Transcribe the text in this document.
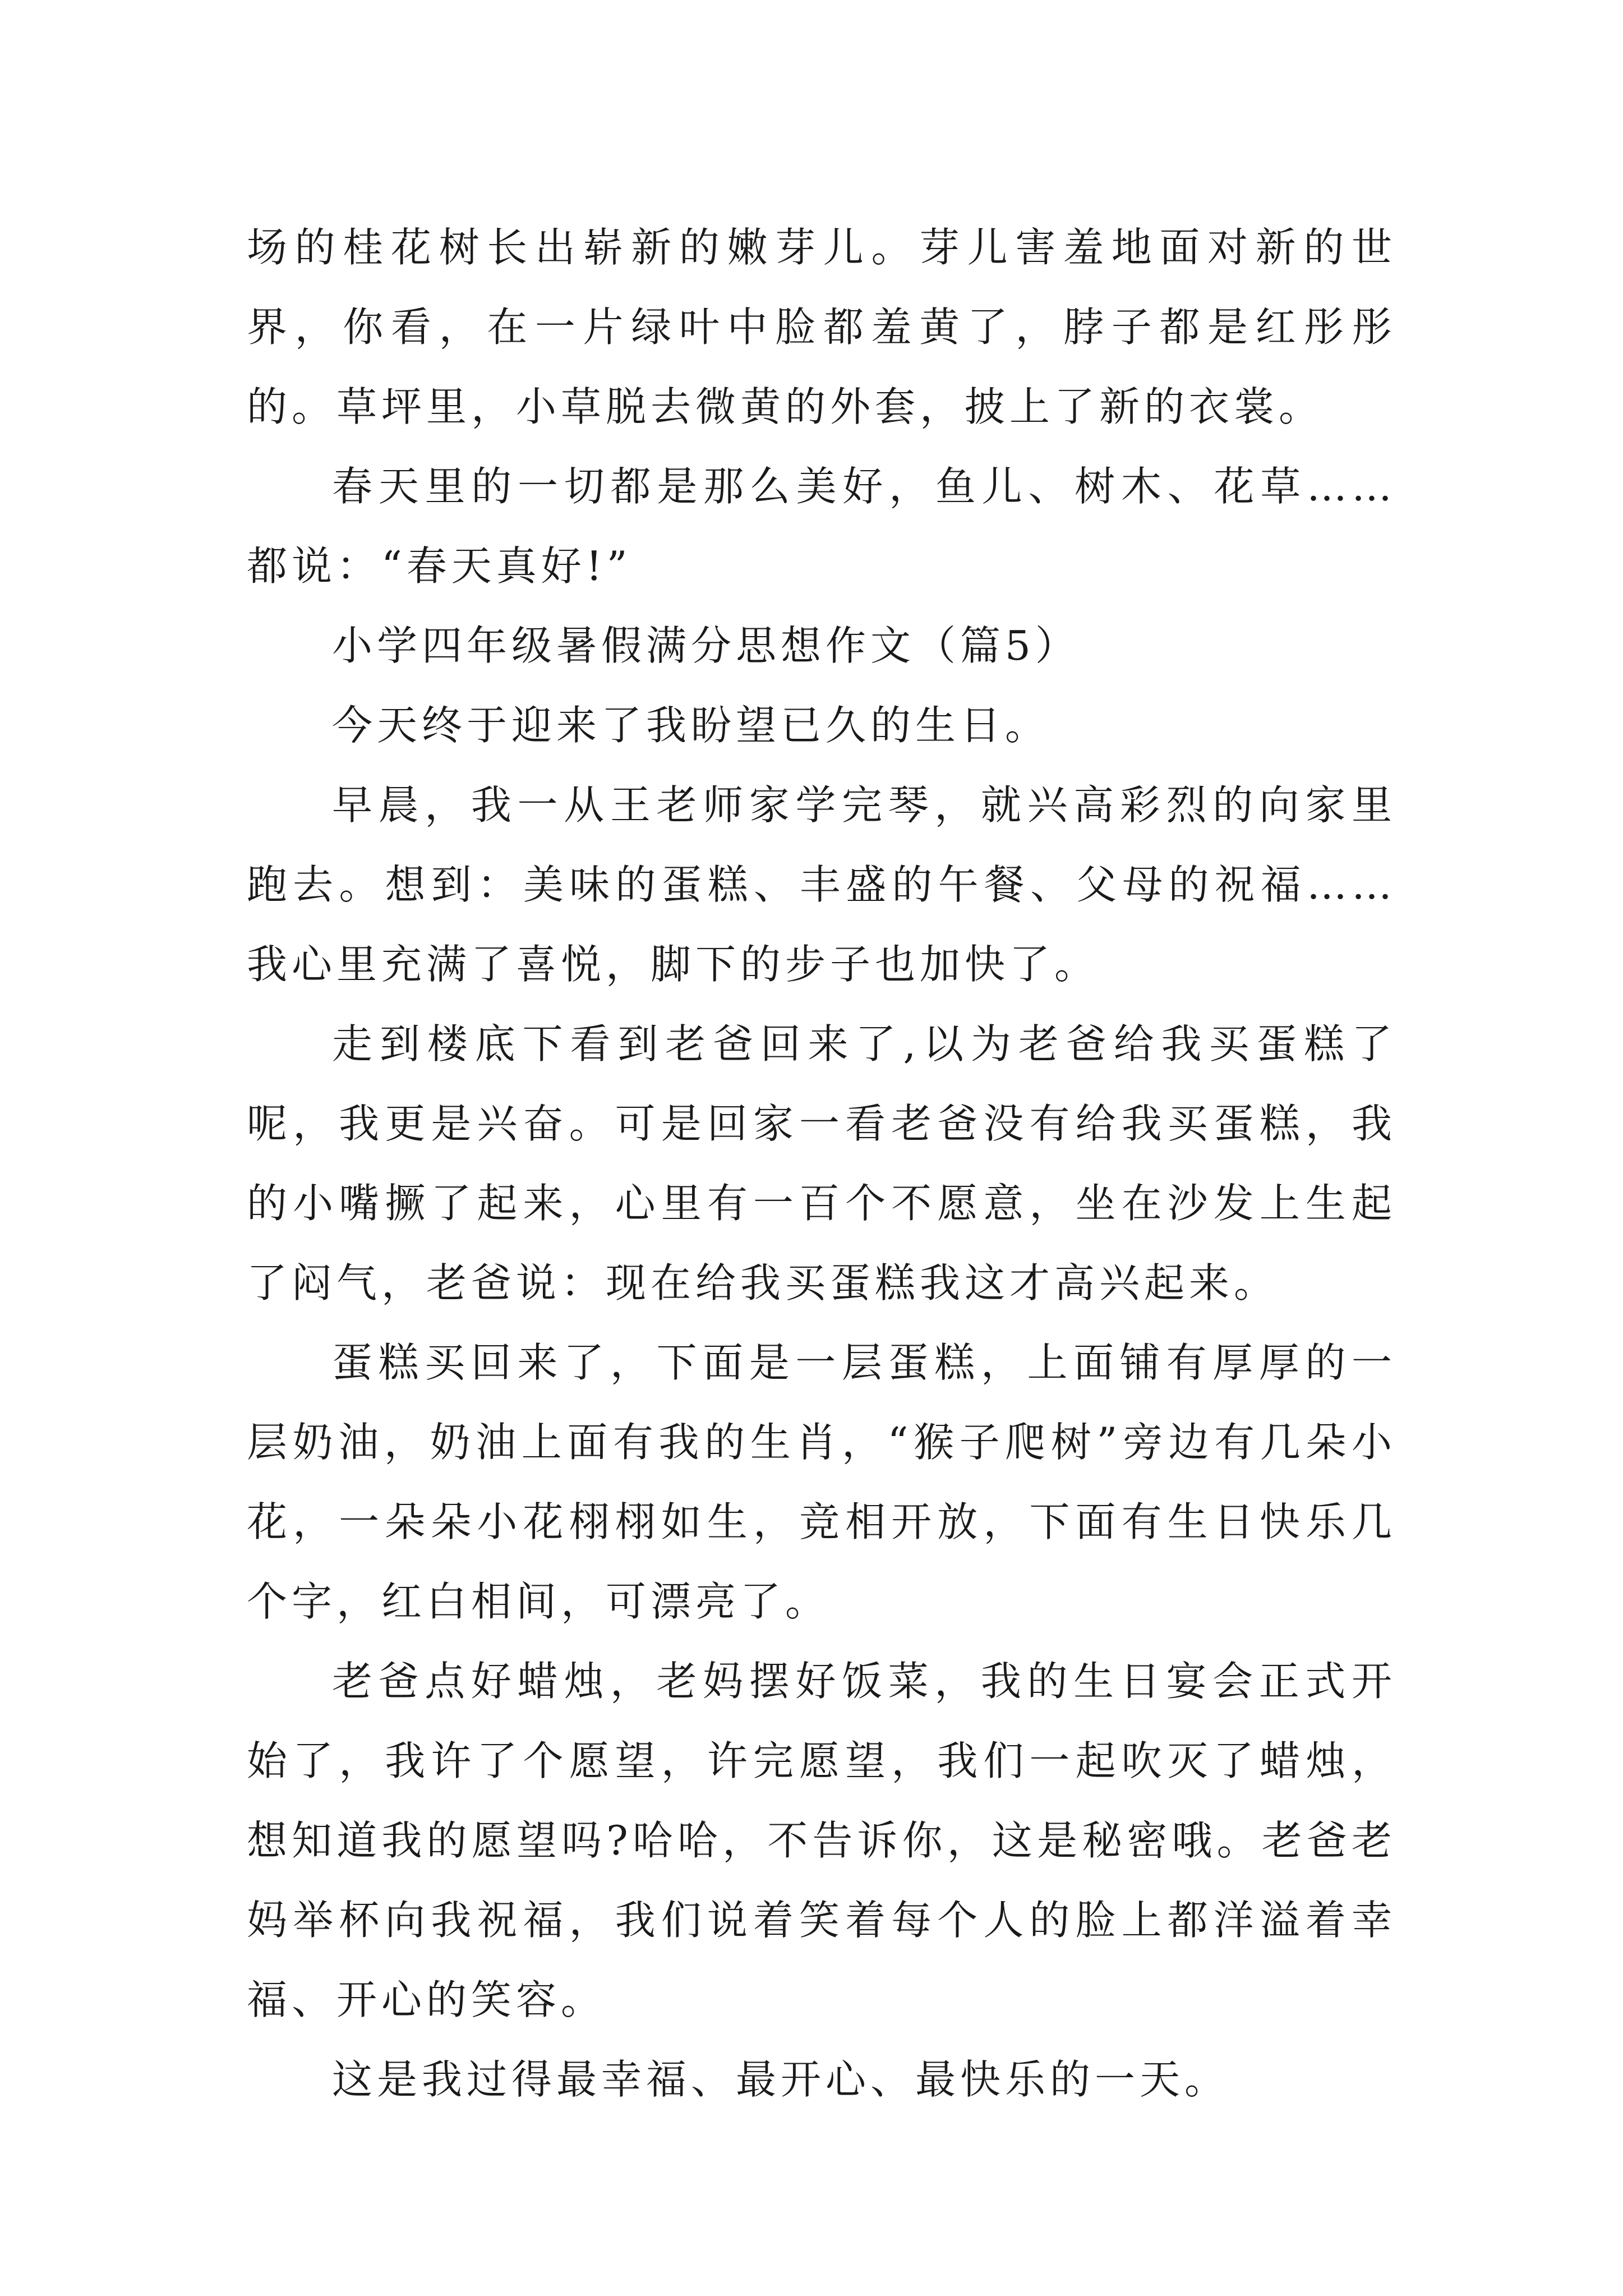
场的桂花树长出崭新的嫩芽儿。芽儿害羞地面对新的世界，你看，在一片绿叶中脸都羞黄了，脖子都是红彤彤的。草坪里，小草脱去微黄的外套，披上了新的衣裳。

春天里的一切都是那么美好，鱼儿、树木、花草……都说：“春天真好!”

小学四年级暑假满分思想作文（篇5）

今天终于迎来了我盼望已久的生日。

早晨，我一从王老师家学完琴，就兴高彩烈的向家里跑去。想到：美味的蛋糕、丰盛的午餐、父母的祝福……我心里充满了喜悦，脚下的步子也加快了。

走到楼底下看到老爸回来了,以为老爸给我买蛋糕了呢，我更是兴奋。可是回家一看老爸没有给我买蛋糕，我的小嘴撅了起来，心里有一百个不愿意，坐在沙发上生起了闷气，老爸说：现在给我买蛋糕我这才高兴起来。

蛋糕买回来了，下面是一层蛋糕，上面铺有厚厚的一层奶油，奶油上面有我的生肖，“猴子爬树”旁边有几朵小花，一朵朵小花栩栩如生，竞相开放，下面有生日快乐几个字，红白相间，可漂亮了。

老爸点好蜡烛，老妈摆好饭菜，我的生日宴会正式开始了，我许了个愿望，许完愿望，我们一起吹灭了蜡烛，想知道我的愿望吗?哈哈，不告诉你，这是秘密哦。老爸老妈举杯向我祝福，我们说着笑着每个人的脸上都洋溢着幸福、开心的笑容。

这是我过得最幸福、最开心、最快乐的一天。
